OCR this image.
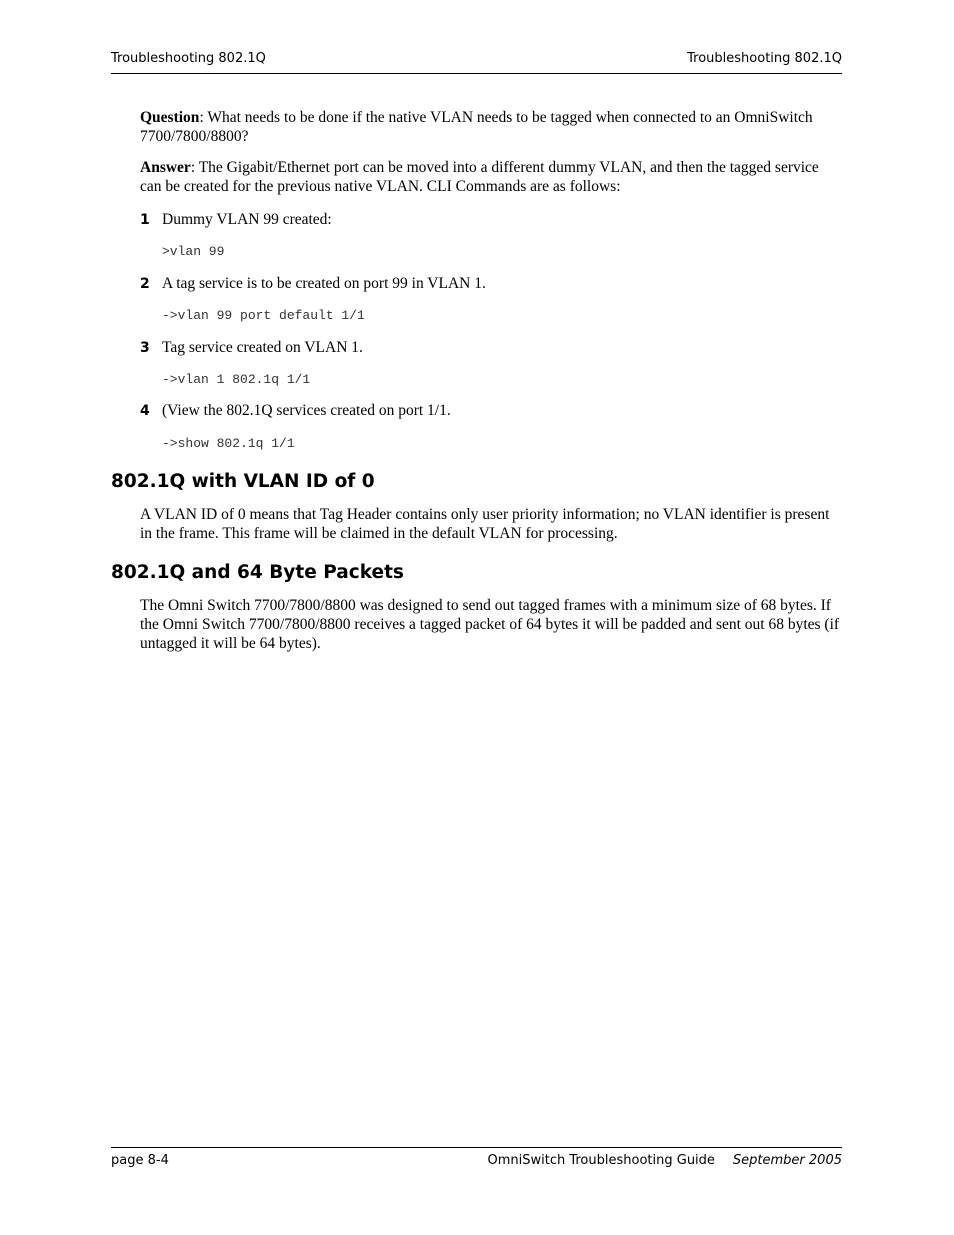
Troubleshooting 802.1Q	Troubleshooting 802.1Q
Question: What needs to be done if the native VLAN needs to be tagged when connected to an OmniSwitch 7700/7800/8800?
Answer: The Gigabit/Ethernet port can be moved into a different dummy VLAN, and then the tagged service can be created for the previous native VLAN. CLI Commands are as follows:
1 Dummy VLAN 99 created:
>vlan 99
2 A tag service is to be created on port 99 in VLAN 1.
->vlan 99 port default 1/1
3 Tag service created on VLAN 1.
->vlan 1 802.1q 1/1
4 (View the 802.1Q services created on port 1/1.
->show 802.1q 1/1
802.1Q with VLAN ID of 0
A VLAN ID of 0 means that Tag Header contains only user priority information; no VLAN identifier is present in the frame. This frame will be claimed in the default VLAN for processing.
802.1Q and 64 Byte Packets
The Omni Switch 7700/7800/8800 was designed to send out tagged frames with a minimum size of 68 bytes. If the Omni Switch 7700/7800/8800 receives a tagged packet of 64 bytes it will be padded and sent out 68 bytes (if untagged it will be 64 bytes).
page 8-4	OmniSwitch Troubleshooting Guide September 2005
